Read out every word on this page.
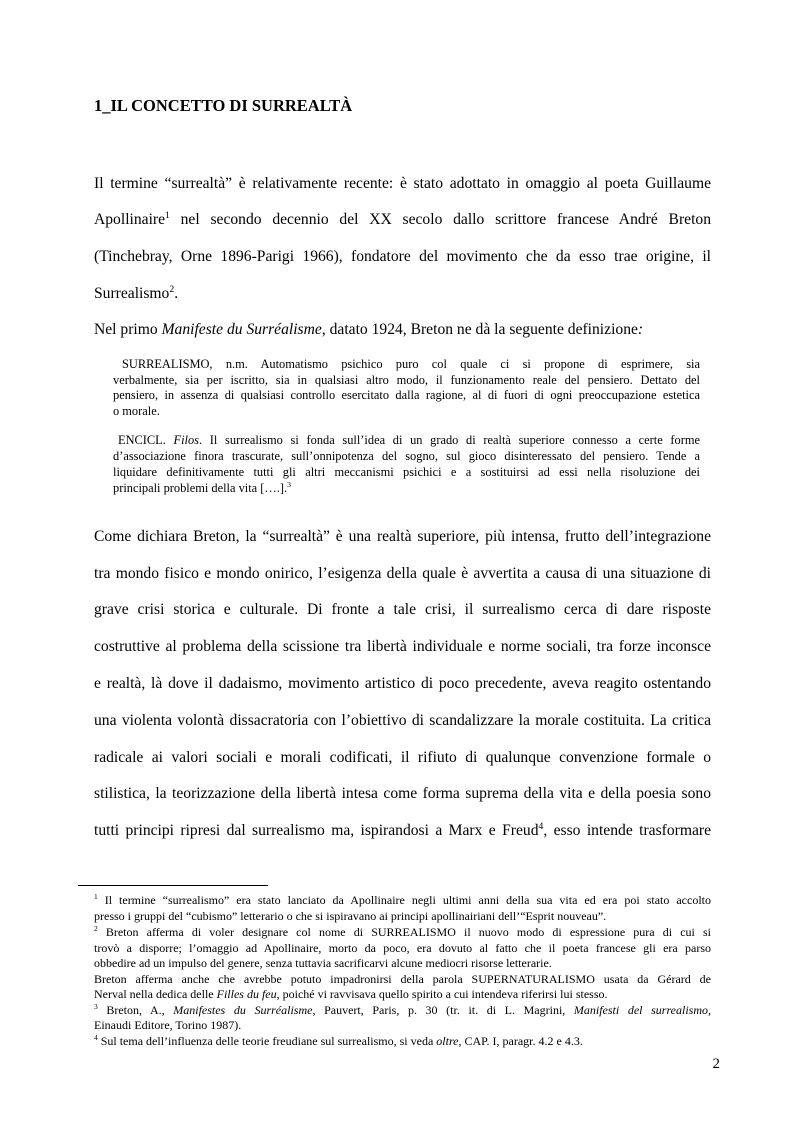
1_IL CONCETTO DI SURREALTÀ
Il termine “surrealtà” è relativamente recente: è stato adottato in omaggio al poeta Guillaume
Apollinaire$^1$ nel secondo decennio del XX secolo dallo scrittore francese André Breton
(Tinchebray, Orne 1896-Parigi 1966), fondatore del movimento che da esso trae origine, il
Surrealismo$^2$.
Nel primo Manifeste du Surréalisme, datato 1924, Breton ne dà la seguente definizione:
SURREALISMO, n.m. Automatismo psichico puro col quale ci si propone di esprimere, sia
verbalmente, sia per iscritto, sia in qualsiasi altro modo, il funzionamento reale del pensiero. Dettato del
pensiero, in assenza di qualsiasi controllo esercitato dalla ragione, al di fuori di ogni preoccupazione estetica
o morale.
ENCICL. Filos. Il surrealismo si fonda sull’idea di un grado di realtà superiore connesso a certe forme
d’associazione finora trascurate, sull’onnipotenza del sogno, sul gioco disinteressato del pensiero. Tende a
liquidare definitivamente tutti gli altri meccanismi psichici e a sostituirsi ad essi nella risoluzione dei
principali problemi della vita [….].$^3$
Come dichiara Breton, la “surrealtà” è una realtà superiore, più intensa, frutto dell’integrazione
tra mondo fisico e mondo onirico, l’esigenza della quale è avvertita a causa di una situazione di
grave crisi storica e culturale. Di fronte a tale crisi, il surrealismo cerca di dare risposte
costruttive al problema della scissione tra libertà individuale e norme sociali, tra forze inconsce
e realtà, là dove il dadaismo, movimento artistico di poco precedente, aveva reagito ostentando
una violenta volontà dissacratoria con l’obiettivo di scandalizzare la morale costituita. La critica
radicale ai valori sociali e morali codificati, il rifiuto di qualunque convenzione formale o
stilistica, la teorizzazione della libertà intesa come forma suprema della vita e della poesia sono
tutti principi ripresi dal surrealismo ma, ispirandosi a Marx e Freud$^4$, esso intende trasformare
$^1$ Il termine “surrealismo” era stato lanciato da Apollinaire negli ultimi anni della sua vita ed era poi stato accolto
presso i gruppi del “cubismo” letterario o che si ispiravano ai principi apollinairiani dell’“Esprit nouveau”.
$^2$ Breton afferma di voler designare col nome di SURREALISMO il nuovo modo di espressione pura di cui si
trovò a disporre; l’omaggio ad Apollinaire, morto da poco, era dovuto al fatto che il poeta francese gli era parso
obbedire ad un impulso del genere, senza tuttavia sacrificarvi alcune mediocri risorse letterarie.
Breton afferma anche che avrebbe potuto impadronirsi della parola SUPERNATURALISMO usata da Gérard de
Nerval nella dedica delle Filles du feu, poiché vi ravvisava quello spirito a cui intendeva riferirsi lui stesso.
$^3$ Breton, A., Manifestes du Surréalisme, Pauvert, Paris, p. 30 (tr. it. di L. Magrini, Manifesti del surrealismo,
Einaudi Editore, Torino 1987).
$^4$ Sul tema dell’influenza delle teorie freudiane sul surrealismo, si veda oltre, CAP. I, paragr. 4.2 e 4.3.
2
